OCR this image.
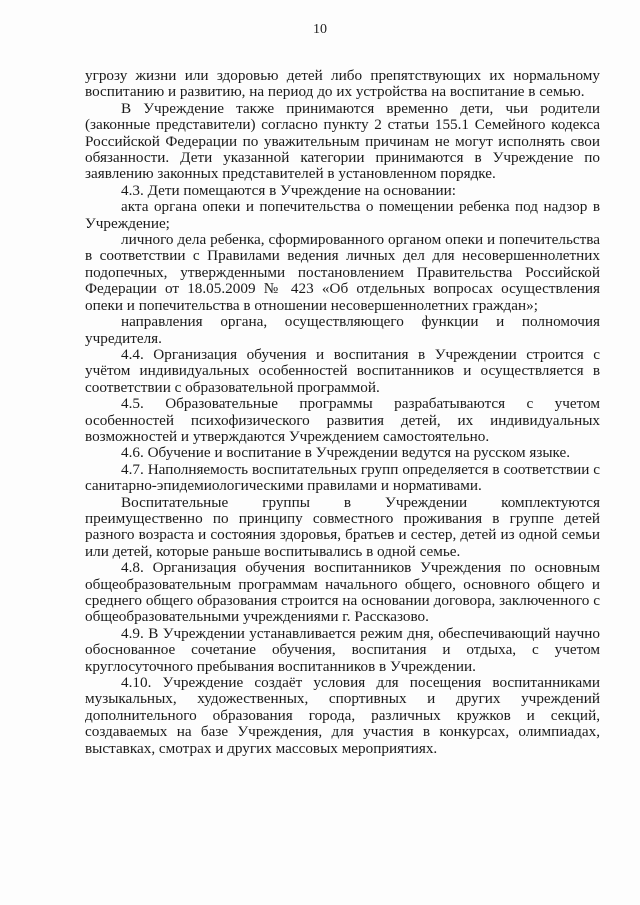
10

угрозу жизни или здоровью детей либо препятствующих их нормальному воспитанию и развитию, на период до их устройства на воспитание в семью.

В Учреждение также принимаются временно дети, чьи родители (законные представители) согласно пункту 2 статьи 155.1 Семейного кодекса Российской Федерации по уважительным причинам не могут исполнять свои обязанности. Дети указанной категории принимаются в Учреждение по заявлению законных представителей в установленном порядке.

4.3. Дети помещаются в Учреждение на основании:

акта органа опеки и попечительства о помещении ребенка под надзор в Учреждение;

личного дела ребенка, сформированного органом опеки и попечительства в соответствии с Правилами ведения личных дел для несовершеннолетних подопечных, утвержденными постановлением Правительства Российской Федерации от 18.05.2009 № 423 «Об отдельных вопросах осуществления опеки и попечительства в отношении несовершеннолетних граждан»;

направления органа, осуществляющего функции и полномочия учредителя.

4.4. Организация обучения и воспитания в Учреждении строится с учётом индивидуальных особенностей воспитанников и осуществляется в соответствии с образовательной программой.

4.5. Образовательные программы разрабатываются с учетом особенностей психофизического развития детей, их индивидуальных возможностей и утверждаются Учреждением самостоятельно.

4.6. Обучение и воспитание в Учреждении ведутся на русском языке.

4.7. Наполняемость воспитательных групп определяется в соответствии с санитарно-эпидемиологическими правилами и нормативами.

Воспитательные группы в Учреждении комплектуются преимущественно по принципу совместного проживания в группе детей разного возраста и состояния здоровья, братьев и сестер, детей из одной семьи или детей, которые раньше воспитывались в одной семье.

4.8. Организация обучения воспитанников Учреждения по основным общеобразовательным программам начального общего, основного общего и среднего общего образования строится на основании договора, заключенного с общеобразовательными учреждениями г. Рассказово.

4.9. В Учреждении устанавливается режим дня, обеспечивающий научно обоснованное сочетание обучения, воспитания и отдыха, с учетом круглосуточного пребывания воспитанников в Учреждении.

4.10. Учреждение создаёт условия для посещения воспитанниками музыкальных, художественных, спортивных и других учреждений дополнительного образования города, различных кружков и секций, создаваемых на базе Учреждения, для участия в конкурсах, олимпиадах, выставках, смотрах и других массовых мероприятиях.
